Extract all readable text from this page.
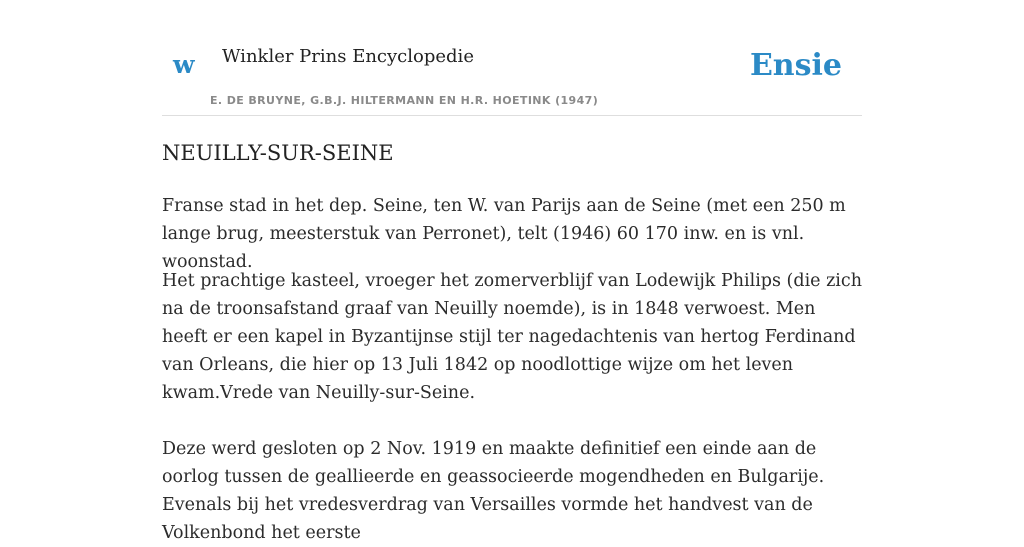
w Winkler Prins Encyclopedie
E. DE BRUYNE, G.B.J. HILTERMANN EN H.R. HOETINK (1947)
Ensie
NEUILLY-SUR-SEINE

Franse stad in het dep. Seine, ten W. van Parijs aan de Seine (met een 250 m lange brug, meesterstuk van Perronet), telt (1946) 60 170 inw. en is vnl. woonstad.

Het prachtige kasteel, vroeger het zomerverblijf van Lodewijk Philips (die zich na de troonsafstand graaf van Neuilly noemde), is in 1848 verwoest. Men heeft er een kapel in Byzantijnse stijl ter nagedachtenis van hertog Ferdinand van Orleans, die hier op 13 Juli 1842 op noodlottige wijze om het leven kwam.Vrede van Neuilly-sur-Seine.

Deze werd gesloten op 2 Nov. 1919 en maakte definitief een einde aan de oorlog tussen de geallieerde en geassocieerde mogendheden en Bulgarije. Evenals bij het vredesverdrag van Versailles vormde het handvest van de Volkenbond het eerste
